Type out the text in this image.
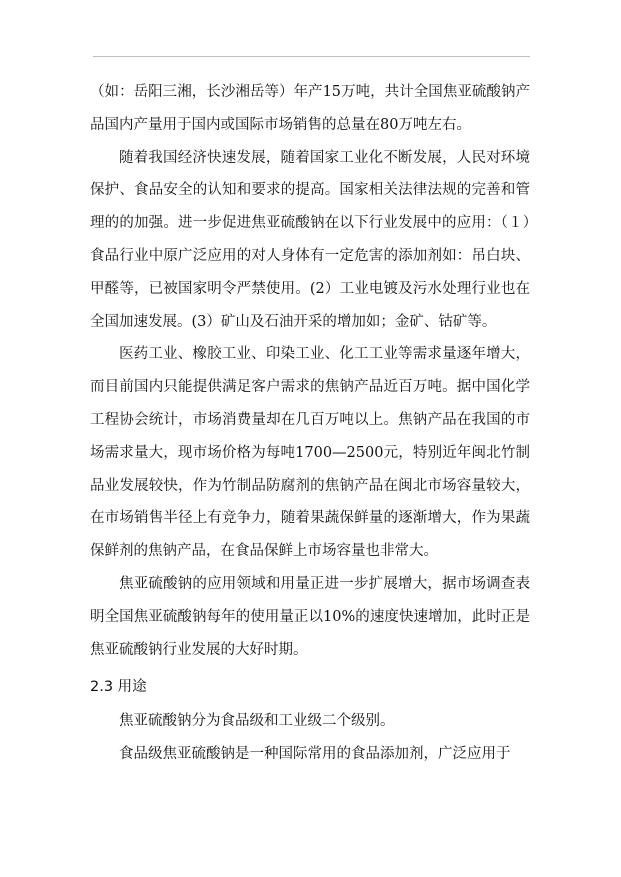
（如：岳阳三湘，长沙湘岳等）年产15万吨，共计全国焦亚硫酸钠产品国内产量用于国内或国际市场销售的总量在80万吨左右。

随着我国经济快速发展，随着国家工业化不断发展，人民对环境保护、食品安全的认知和要求的提高。国家相关法律法规的完善和管理的的加强。进一步促进焦亚硫酸钠在以下行业发展中的应用：（１）食品行业中原广泛应用的对人身体有一定危害的添加剂如：吊白块、甲醛等，已被国家明令严禁使用。(2）工业电镀及污水处理行业也在全国加速发展。(3）矿山及石油开采的增加如；金矿、钴矿等。

医药工业、橡胶工业、印染工业、化工工业等需求量逐年增大，而目前国内只能提供满足客户需求的焦钠产品近百万吨。据中国化学工程协会统计，市场消费量却在几百万吨以上。焦钠产品在我国的市场需求量大，现市场价格为每吨1700—2500元，特别近年闽北竹制品业发展较快，作为竹制品防腐剂的焦钠产品在闽北市场容量较大，在市场销售半径上有竞争力，随着果蔬保鲜量的逐渐增大，作为果蔬保鲜剂的焦钠产品，在食品保鲜上市场容量也非常大。

焦亚硫酸钠的应用领域和用量正进一步扩展增大，据市场调查表明全国焦亚硫酸钠每年的使用量正以10%的速度快速增加，此时正是焦亚硫酸钠行业发展的大好时期。

2.3 用途

焦亚硫酸钠分为食品级和工业级二个级别。

食品级焦亚硫酸钠是一种国际常用的食品添加剂，广泛应用于
